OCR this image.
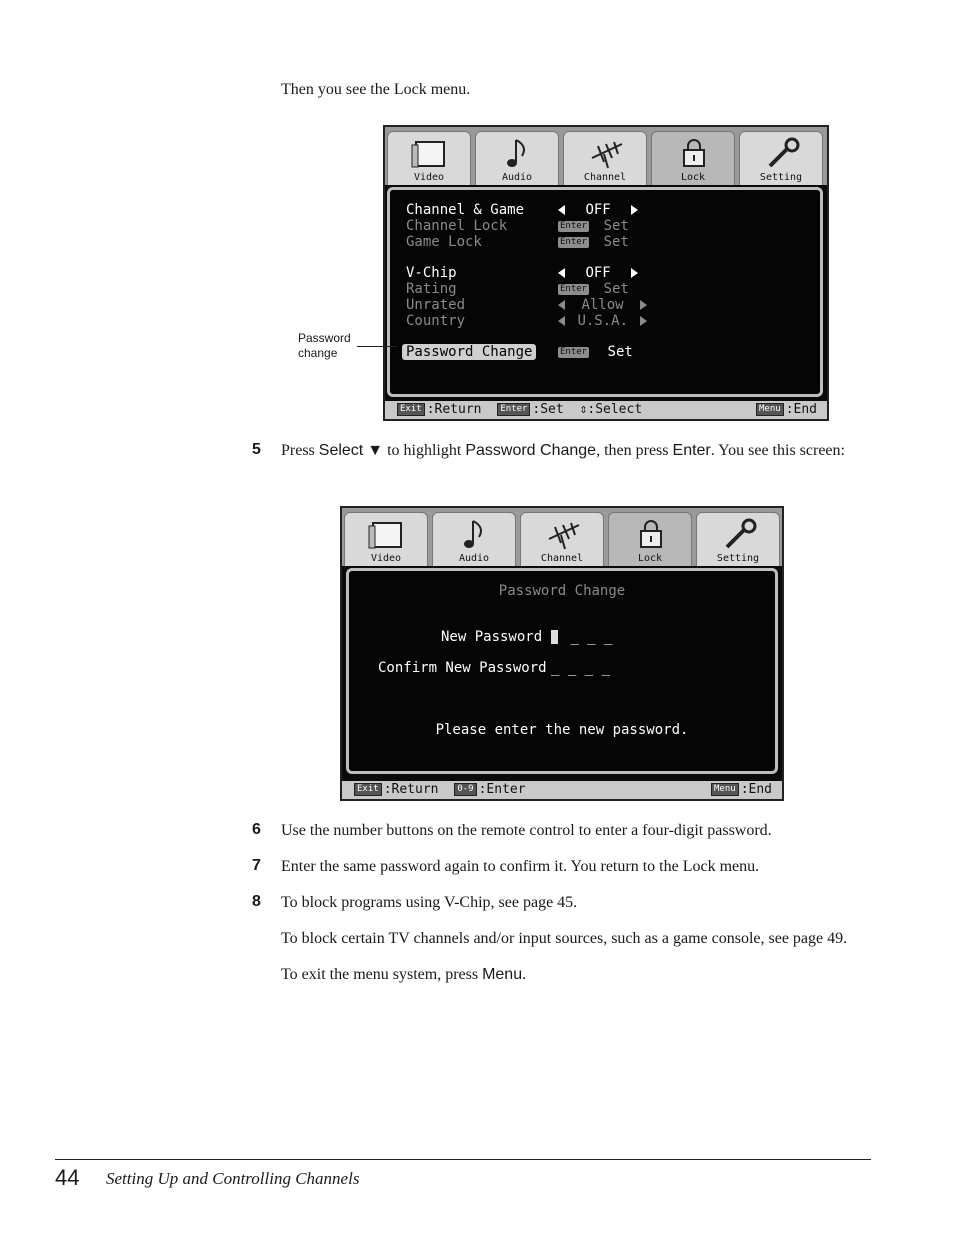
Then you see the Lock menu.
Video	Audio	Channel	Lock	Setting
Channel & Game	OFF
Channel Lock	Enter Set
Game Lock	Enter Set
V-Chip	OFF
Rating	Enter Set
Unrated	Allow
Country	U.S.A.
Password Change	Enter Set
Exit :Return Enter :Set ⇕:Select	Menu :End
Password
change
5 Press Select ▼ to highlight Password Change, then press Enter. You see this screen:
Video	Audio	Channel	Lock	Setting
Password Change
New Password	_ _ _
Confirm New Password _ _ _ _
Please enter the new password.
Exit :Return 0-9 :Enter	Menu :End
6 Use the number buttons on the remote control to enter a four-digit password.
7 Enter the same password again to confirm it. You return to the Lock menu.
8 To block programs using V-Chip, see page 45.
To block certain TV channels and/or input sources, such as a game console, see page 49.
To exit the menu system, press Menu.
44 Setting Up and Controlling Channels
